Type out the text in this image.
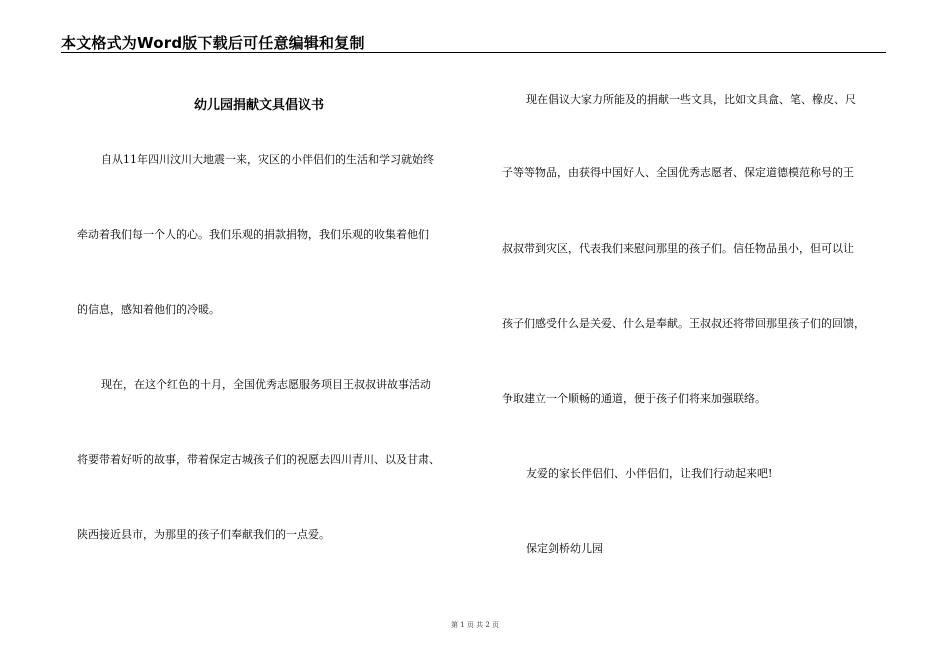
本文格式为Word版下载后可任意编辑和复制
幼儿园捐献文具倡议书
自从11年四川汶川大地震一来，灾区的小伴侣们的生活和学习就始终
牵动着我们每一个人的心。我们乐观的捐款捐物，我们乐观的收集着他们
的信息，感知着他们的冷暖。
现在，在这个红色的十月，全国优秀志愿服务项目王叔叔讲故事活动
将要带着好听的故事，带着保定古城孩子们的祝愿去四川青川、以及甘肃、
陕西接近县市，为那里的孩子们奉献我们的一点爱。
现在倡议大家力所能及的捐献一些文具，比如文具盒、笔、橡皮、尺
子等等物品，由获得中国好人、全国优秀志愿者、保定道德模范称号的王
叔叔带到灾区，代表我们来慰问那里的孩子们。信任物品虽小，但可以让
孩子们感受什么是关爱、什么是奉献。王叔叔还将带回那里孩子们的回馈，
争取建立一个顺畅的通道，便于孩子们将来加强联络。
友爱的家长伴侣们、小伴侣们，让我们行动起来吧!
保定剑桥幼儿园
第 1 页 共 2 页
